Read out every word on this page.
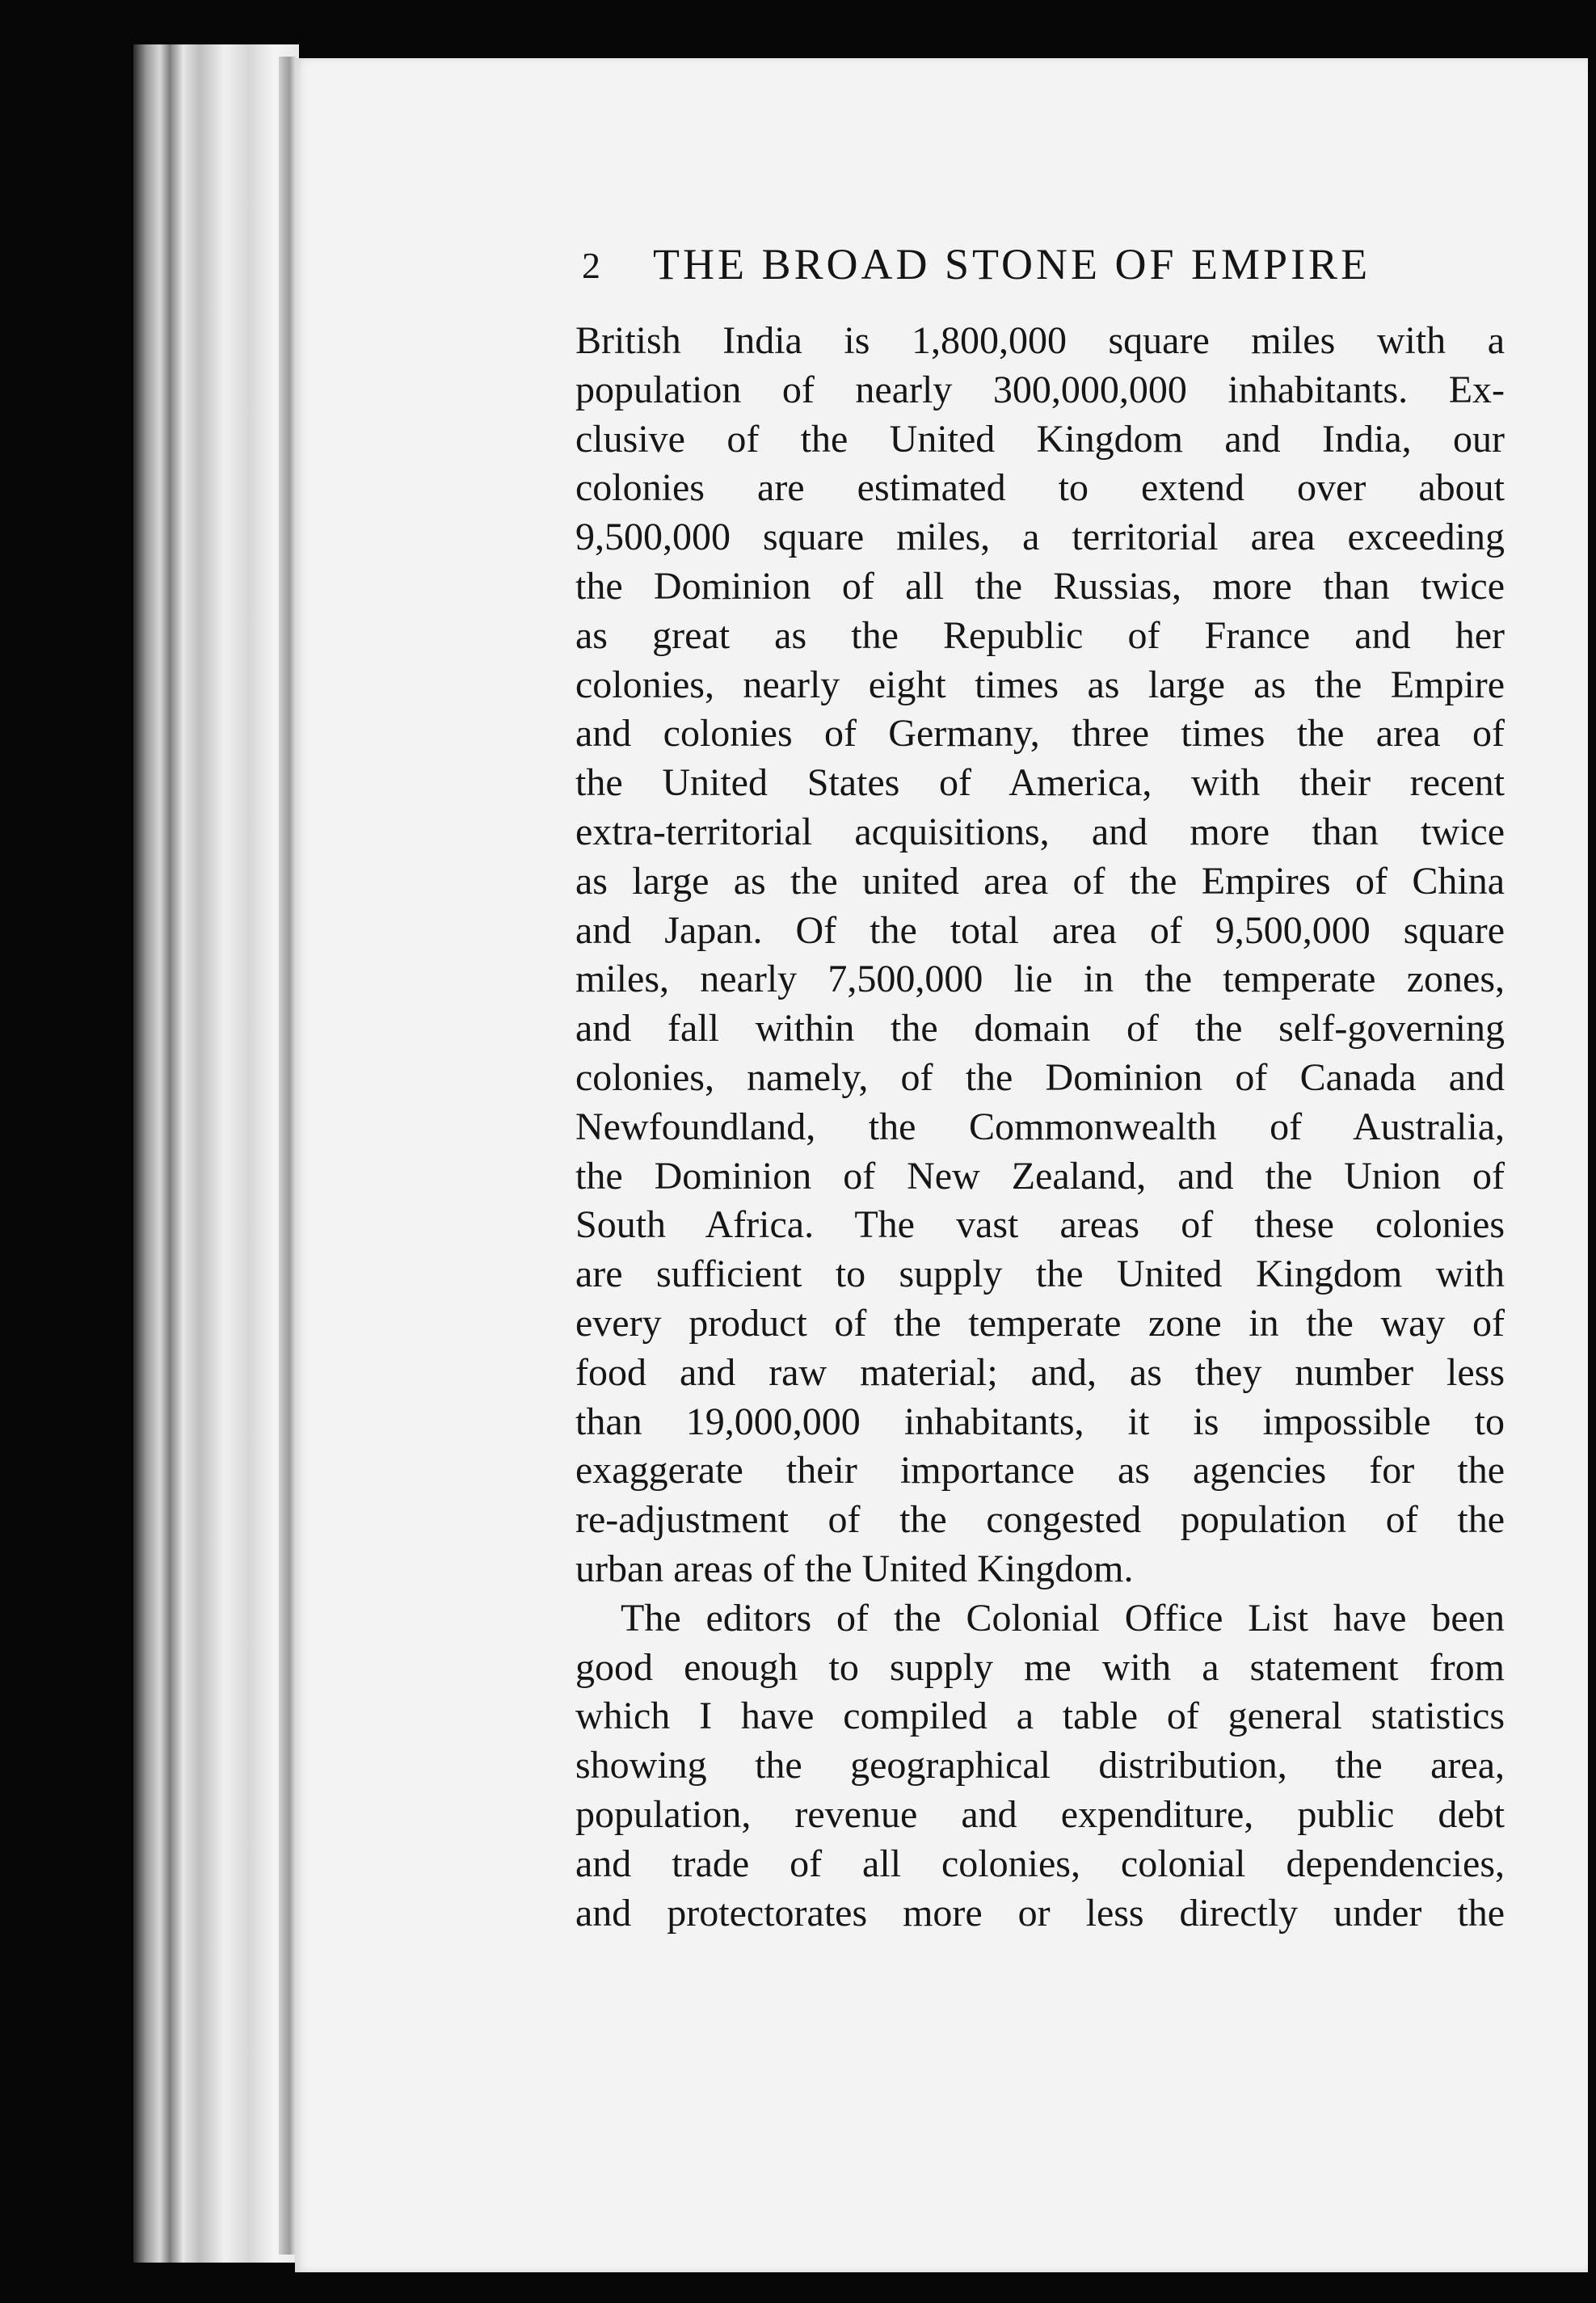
2 THE BROAD STONE OF EMPIRE
British India is 1,800,000 square miles with a
population of nearly 300,000,000 inhabitants. Ex-
clusive of the United Kingdom and India, our
colonies are estimated to extend over about
9,500,000 square miles, a territorial area exceeding
the Dominion of all the Russias, more than twice
as great as the Republic of France and her
colonies, nearly eight times as large as the Empire
and colonies of Germany, three times the area of
the United States of America, with their recent
extra-territorial acquisitions, and more than twice
as large as the united area of the Empires of China
and Japan. Of the total area of 9,500,000 square
miles, nearly 7,500,000 lie in the temperate zones,
and fall within the domain of the self-governing
colonies, namely, of the Dominion of Canada and
Newfoundland, the Commonwealth of Australia,
the Dominion of New Zealand, and the Union of
South Africa. The vast areas of these colonies
are sufficient to supply the United Kingdom with
every product of the temperate zone in the way of
food and raw material; and, as they number less
than 19,000,000 inhabitants, it is impossible to
exaggerate their importance as agencies for the
re-adjustment of the congested population of the
urban areas of the United Kingdom.
The editors of the Colonial Office List have been
good enough to supply me with a statement from
which I have compiled a table of general statistics
showing the geographical distribution, the area,
population, revenue and expenditure, public debt
and trade of all colonies, colonial dependencies,
and protectorates more or less directly under the
